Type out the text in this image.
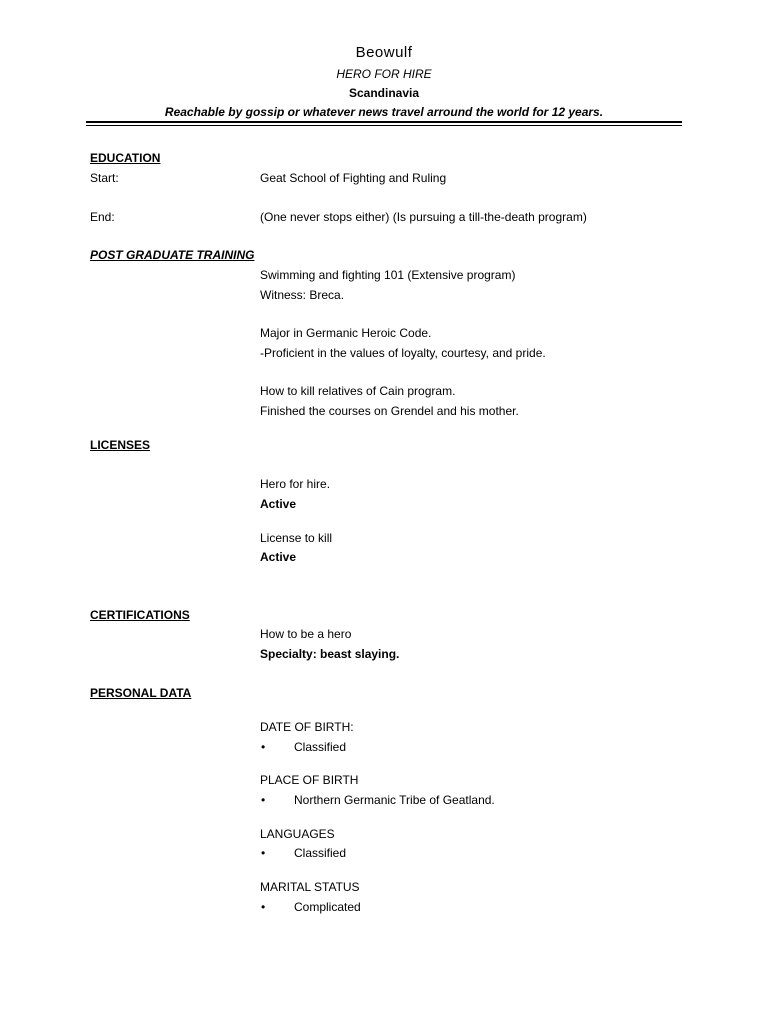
Beowulf
HERO FOR HIRE
Scandinavia
Reachable by gossip or whatever news travel arround the world for 12 years.
EDUCATION
Start:	Geat School of Fighting and Ruling
End:	(One never stops either) (Is pursuing a till-the-death program)
POST GRADUATE TRAINING
Swimming and fighting 101 (Extensive program)
Witness: Breca.
Major in Germanic Heroic Code.
-Proficient in the values of loyalty, courtesy, and pride.
How to kill relatives of Cain program.
Finished the courses on Grendel and his mother.
LICENSES
Hero for hire.
Active
License to kill
Active
CERTIFICATIONS
How to be a hero
Specialty: beast slaying.
PERSONAL DATA
DATE OF BIRTH:
• Classified
PLACE OF BIRTH
• Northern Germanic Tribe of Geatland.
LANGUAGES
• Classified
MARITAL STATUS
• Complicated
